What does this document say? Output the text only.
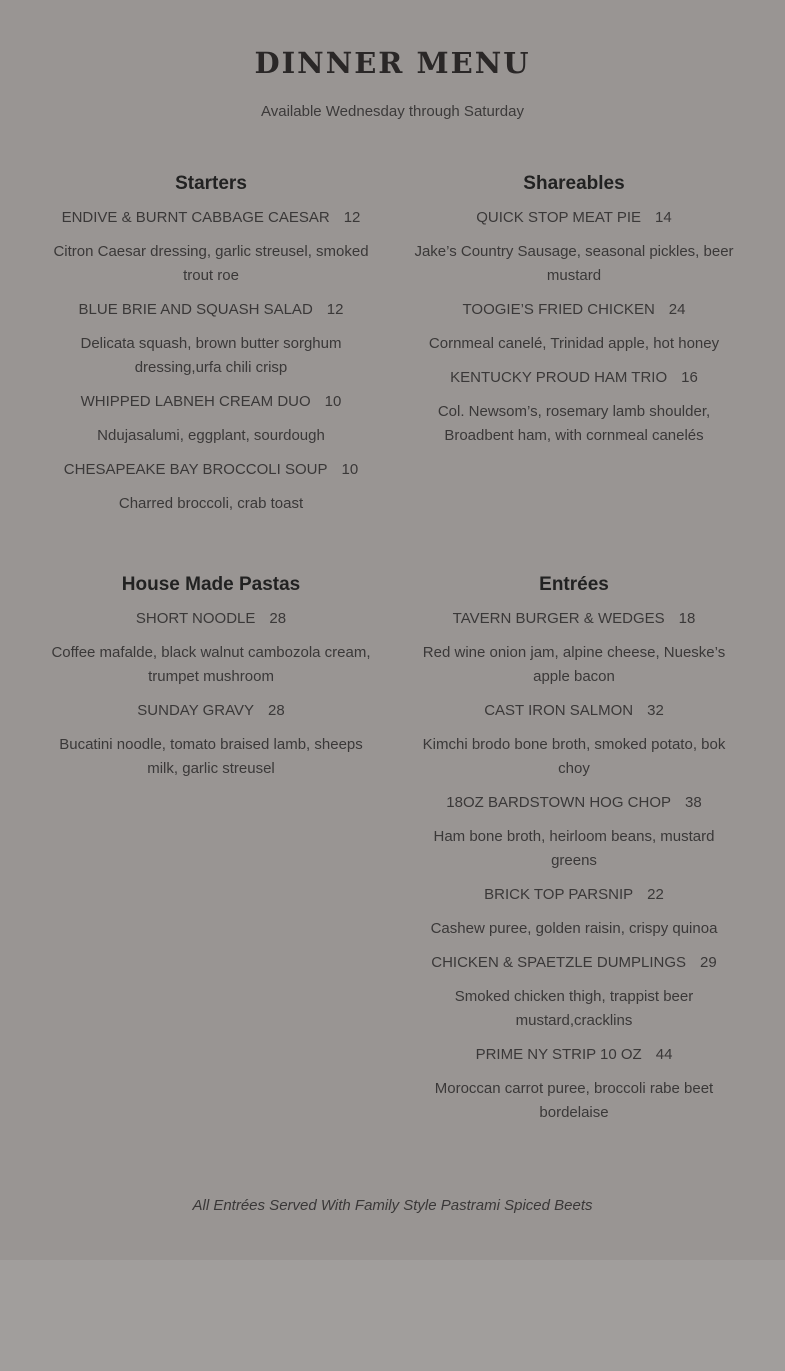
DINNER MENU

Available Wednesday through Saturday

Starters

ENDIVE & BURNT CABBAGE CAESAR 12

Citron Caesar dressing, garlic streusel, smoked trout roe

BLUE BRIE AND SQUASH SALAD 12

Delicata squash, brown butter sorghum dressing,urfa chili crisp

WHIPPED LABNEH CREAM DUO 10

Ndujasalumi, eggplant, sourdough

CHESAPEAKE BAY BROCCOLI SOUP 10

Charred broccoli, crab toast

Shareables

QUICK STOP MEAT PIE 14

Jake’s Country Sausage, seasonal pickles, beer mustard

TOOGIE’S FRIED CHICKEN 24

Cornmeal canelé, Trinidad apple, hot honey

KENTUCKY PROUD HAM TRIO 16

Col. Newsom’s, rosemary lamb shoulder, Broadbent ham, with cornmeal canelés

House Made Pastas

SHORT NOODLE 28

Coffee mafalde, black walnut cambozola cream, trumpet mushroom

SUNDAY GRAVY 28

Bucatini noodle, tomato braised lamb, sheeps milk, garlic streusel

Entrées

TAVERN BURGER & WEDGES 18

Red wine onion jam, alpine cheese, Nueske’s apple bacon

CAST IRON SALMON 32

Kimchi brodo bone broth, smoked potato, bok choy

18OZ BARDSTOWN HOG CHOP 38

Ham bone broth, heirloom beans, mustard greens

BRICK TOP PARSNIP 22

Cashew puree, golden raisin, crispy quinoa

CHICKEN & SPAETZLE DUMPLINGS 29

Smoked chicken thigh, trappist beer mustard,cracklins

PRIME NY STRIP 10 OZ 44

Moroccan carrot puree, broccoli rabe beet bordelaise

All Entrées Served With Family Style Pastrami Spiced Beets
